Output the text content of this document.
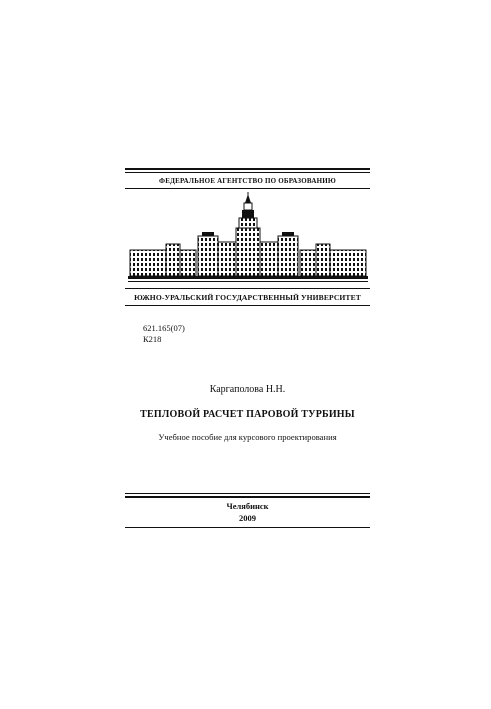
ФЕДЕРАЛЬНОЕ АГЕНТСТВО ПО ОБРАЗОВАНИЮ
ЮЖНО-УРАЛЬСКИЙ ГОСУДАРСТВЕННЫЙ УНИВЕРСИТЕТ
621.165(07)
К218
Каргаполова Н.Н.
ТЕПЛОВОЙ РАСЧЕТ ПАРОВОЙ ТУРБИНЫ
Учебное пособие для курсового проектирования
Челябинск
2009
